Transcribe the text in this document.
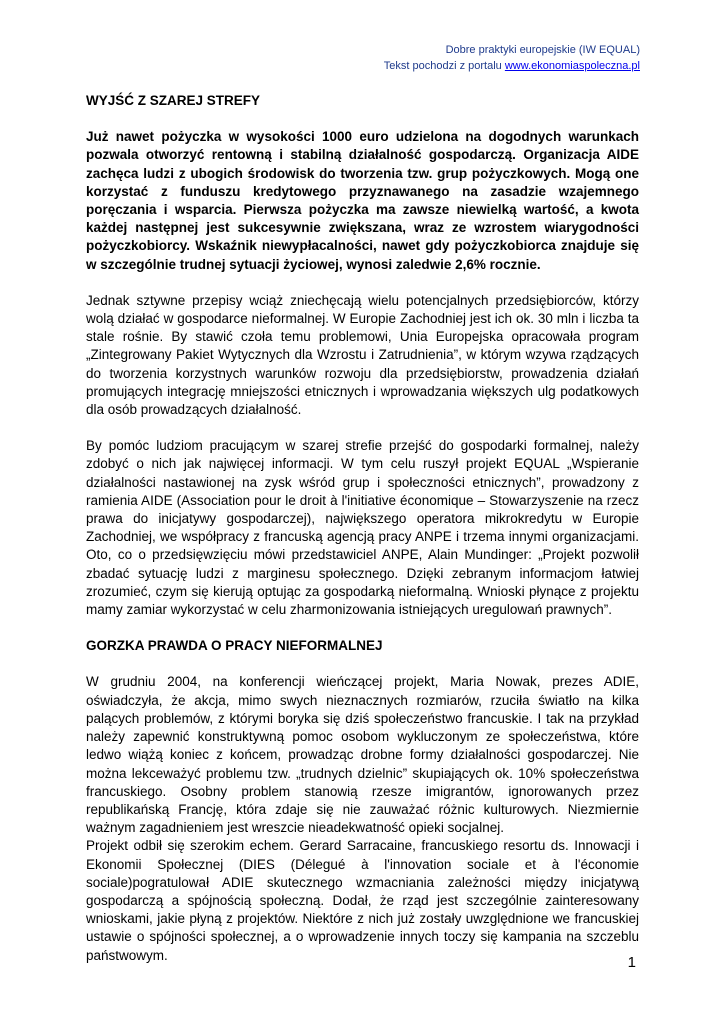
Dobre praktyki europejskie (IW EQUAL)
Tekst pochodzi z portalu www.ekonomiaspoleczna.pl

WYJŚĆ Z SZAREJ STREFY

Już nawet pożyczka w wysokości 1000 euro udzielona na dogodnych warunkach pozwala otworzyć rentowną i stabilną działalność gospodarczą. Organizacja AIDE zachęca ludzi z ubogich środowisk do tworzenia tzw. grup pożyczkowych. Mogą one korzystać z funduszu kredytowego przyznawanego na zasadzie wzajemnego poręczania i wsparcia. Pierwsza pożyczka ma zawsze niewielką wartość, a kwota każdej następnej jest sukcesywnie zwiększana, wraz ze wzrostem wiarygodności pożyczkobiorcy. Wskaźnik niewypłacalności, nawet gdy pożyczkobiorca znajduje się w szczególnie trudnej sytuacji życiowej, wynosi zaledwie 2,6% rocznie.

Jednak sztywne przepisy wciąż zniechęcają wielu potencjalnych przedsiębiorców, którzy wolą działać w gospodarce nieformalnej. W Europie Zachodniej jest ich ok. 30 mln i liczba ta stale rośnie. By stawić czoła temu problemowi, Unia Europejska opracowała program „Zintegrowany Pakiet Wytycznych dla Wzrostu i Zatrudnienia”, w którym wzywa rządzących do tworzenia korzystnych warunków rozwoju dla przedsiębiorstw, prowadzenia działań promujących integrację mniejszości etnicznych i wprowadzania większych ulg podatkowych dla osób prowadzących działalność.

By pomóc ludziom pracującym w szarej strefie przejść do gospodarki formalnej, należy zdobyć o nich jak najwięcej informacji. W tym celu ruszył projekt EQUAL „Wspieranie działalności nastawionej na zysk wśród grup i społeczności etnicznych”, prowadzony z ramienia AIDE (Association pour le droit à l'initiative économique – Stowarzyszenie na rzecz prawa do inicjatywy gospodarczej), największego operatora mikrokredytu w Europie Zachodniej, we współpracy z francuską agencją pracy ANPE i trzema innymi organizacjami. Oto, co o przedsięwzięciu mówi przedstawiciel ANPE, Alain Mundinger: „Projekt pozwolił zbadać sytuację ludzi z marginesu społecznego. Dzięki zebranym informacjom łatwiej zrozumieć, czym się kierują optując za gospodarką nieformalną. Wnioski płynące z projektu mamy zamiar wykorzystać w celu zharmonizowania istniejących uregulowań prawnych”.

GORZKA PRAWDA O PRACY NIEFORMALNEJ

W grudniu 2004, na konferencji wieńczącej projekt, Maria Nowak, prezes ADIE, oświadczyła, że akcja, mimo swych nieznacznych rozmiarów, rzuciła światło na kilka palących problemów, z którymi boryka się dziś społeczeństwo francuskie. I tak na przykład należy zapewnić konstruktywną pomoc osobom wykluczonym ze społeczeństwa, które ledwo wiążą koniec z końcem, prowadząc drobne formy działalności gospodarczej. Nie można lekceważyć problemu tzw. „trudnych dzielnic” skupiających ok. 10% społeczeństwa francuskiego. Osobny problem stanowią rzesze imigrantów, ignorowanych przez republikańską Francję, która zdaje się nie zauważać różnic kulturowych. Niezmiernie ważnym zagadnieniem jest wreszcie nieadekwatność opieki socjalnej.

Projekt odbił się szerokim echem. Gerard Sarracaine, francuskiego resortu ds. Innowacji i Ekonomii Społecznej (DIES (Délegué à l'innovation sociale et à l'économie sociale)pogratulował ADIE skutecznego wzmacniania zależności między inicjatywą gospodarczą a spójnością społeczną. Dodał, że rząd jest szczególnie zainteresowany wnioskami, jakie płyną z projektów. Niektóre z nich już zostały uwzględnione we francuskiej ustawie o spójności społecznej, a o wprowadzenie innych toczy się kampania na szczeblu państwowym.	1
